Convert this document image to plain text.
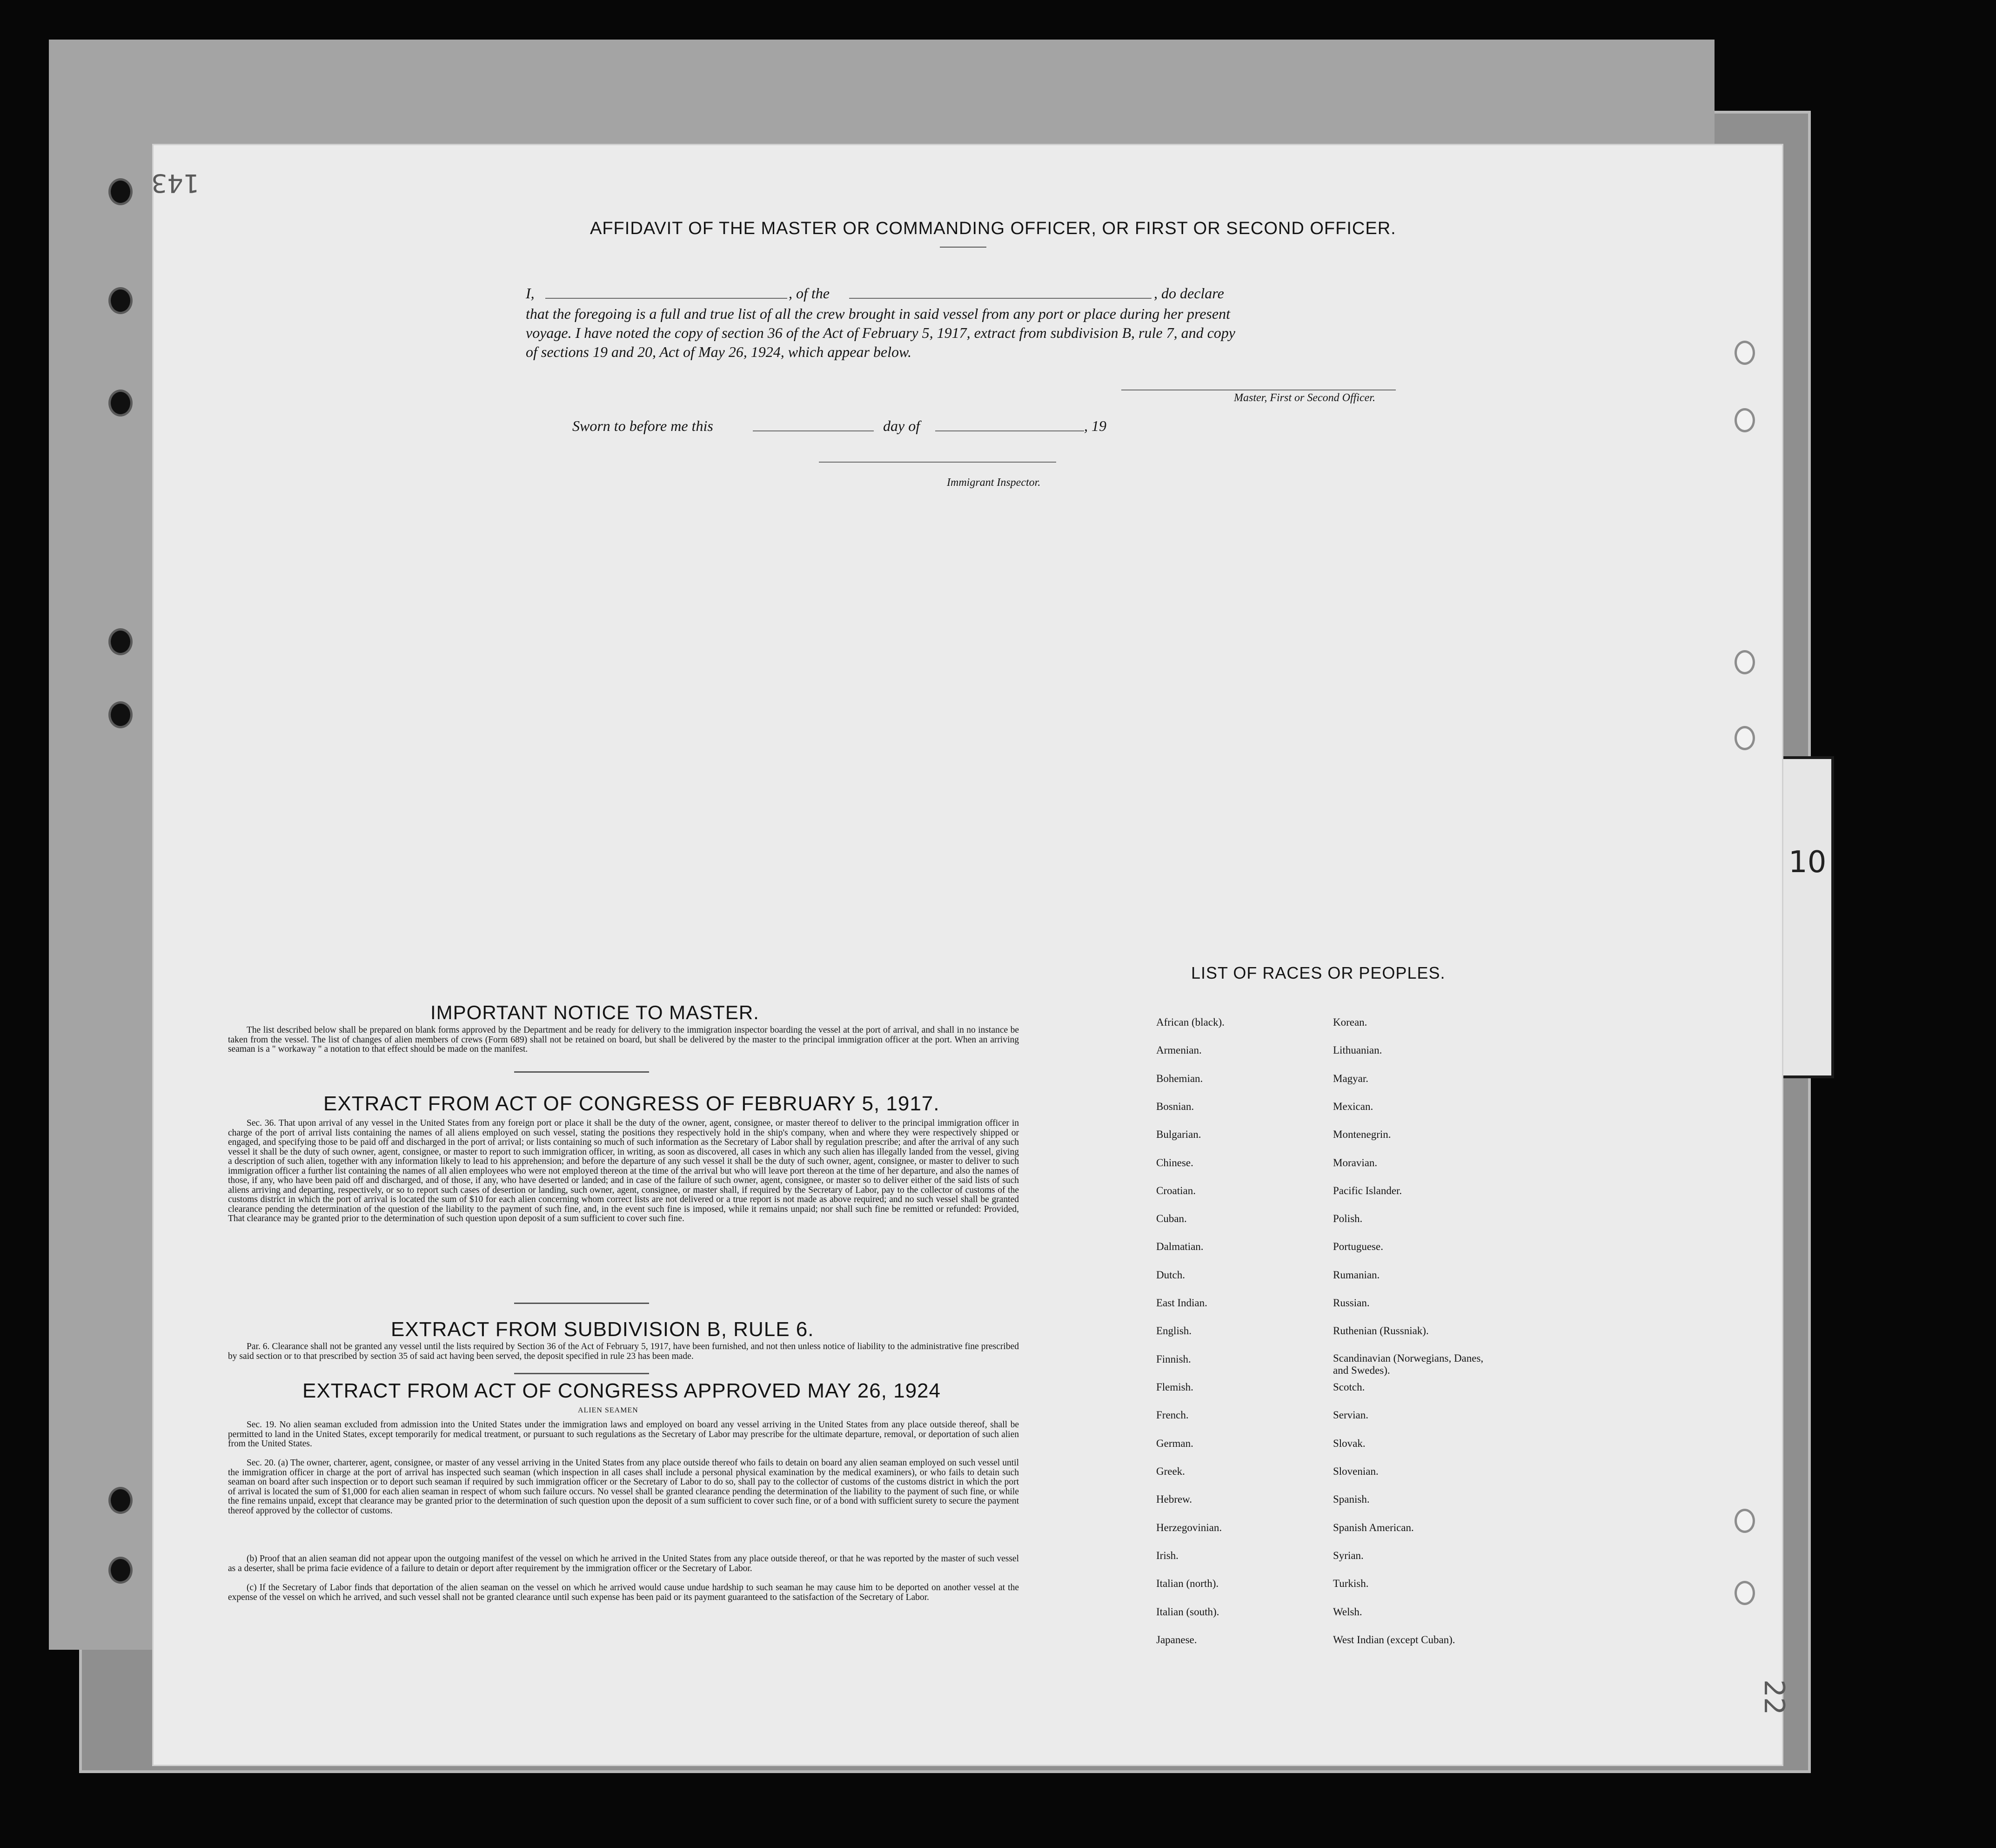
10
143
22
AFFIDAVIT OF THE MASTER OR COMMANDING OFFICER, OR FIRST OR SECOND OFFICER.
I,	, of the	, do declare
that the foregoing is a full and true list of all the crew brought in said vessel from any port or place during her present
voyage. I have noted the copy of section 36 of the Act of February 5, 1917, extract from subdivision B, rule 7, and copy
of sections 19 and 20, Act of May 26, 1924, which appear below.
Master, First or Second Officer.
Sworn to before me this	day of	, 19
Immigrant Inspector.
IMPORTANT NOTICE TO MASTER.

The list described below shall be prepared on blank forms approved by the Department and be ready for delivery to the immigration inspector boarding the vessel at the port of arrival, and shall in no instance be taken from the vessel. The list of changes of alien members of crews (Form 689) shall not be retained on board, but shall be delivered by the master to the principal immigration officer at the port. When an arriving seaman is a " workaway " a notation to that effect should be made on the manifest.

EXTRACT FROM ACT OF CONGRESS OF FEBRUARY 5, 1917.

Sec. 36. That upon arrival of any vessel in the United States from any foreign port or place it shall be the duty of the owner, agent, consignee, or master thereof to deliver to the principal immigration officer in charge of the port of arrival lists containing the names of all aliens employed on such vessel, stating the positions they respectively hold in the ship's company, when and where they were respectively shipped or engaged, and specifying those to be paid off and discharged in the port of arrival; or lists containing so much of such information as the Secretary of Labor shall by regulation prescribe; and after the arrival of any such vessel it shall be the duty of such owner, agent, consignee, or master to report to such immigration officer, in writing, as soon as discovered, all cases in which any such alien has illegally landed from the vessel, giving a description of such alien, together with any information likely to lead to his apprehension; and before the departure of any such vessel it shall be the duty of such owner, agent, consignee, or master to deliver to such immigration officer a further list containing the names of all alien employees who were not employed thereon at the time of the arrival but who will leave port thereon at the time of her departure, and also the names of those, if any, who have been paid off and discharged, and of those, if any, who have deserted or landed; and in case of the failure of such owner, agent, consignee, or master so to deliver either of the said lists of such aliens arriving and departing, respectively, or so to report such cases of desertion or landing, such owner, agent, consignee, or master shall, if required by the Secretary of Labor, pay to the collector of customs of the customs district in which the port of arrival is located the sum of $10 for each alien concerning whom correct lists are not delivered or a true report is not made as above required; and no such vessel shall be granted clearance pending the determination of the question of the liability to the payment of such fine, and, in the event such fine is imposed, while it remains unpaid; nor shall such fine be remitted or refunded: Provided, That clearance may be granted prior to the determination of such question upon deposit of a sum sufficient to cover such fine.

EXTRACT FROM SUBDIVISION B, RULE 6.

Par. 6. Clearance shall not be granted any vessel until the lists required by Section 36 of the Act of February 5, 1917, have been furnished, and not then unless notice of liability to the administrative fine prescribed by said section or to that prescribed by section 35 of said act having been served, the deposit specified in rule 23 has been made.

EXTRACT FROM ACT OF CONGRESS APPROVED MAY 26, 1924
ALIEN SEAMEN

Sec. 19. No alien seaman excluded from admission into the United States under the immigration laws and employed on board any vessel arriving in the United States from any place outside thereof, shall be permitted to land in the United States, except temporarily for medical treatment, or pursuant to such regulations as the Secretary of Labor may prescribe for the ultimate departure, removal, or deportation of such alien from the United States.

Sec. 20. (a) The owner, charterer, agent, consignee, or master of any vessel arriving in the United States from any place outside thereof who fails to detain on board any alien seaman employed on such vessel until the immigration officer in charge at the port of arrival has inspected such seaman (which inspection in all cases shall include a personal physical examination by the medical examiners), or who fails to detain such seaman on board after such inspection or to deport such seaman if required by such immigration officer or the Secretary of Labor to do so, shall pay to the collector of customs of the customs district in which the port of arrival is located the sum of $1,000 for each alien seaman in respect of whom such failure occurs. No vessel shall be granted clearance pending the determination of the liability to the payment of such fine, or while the fine remains unpaid, except that clearance may be granted prior to the determination of such question upon the deposit of a sum sufficient to cover such fine, or of a bond with sufficient surety to secure the payment thereof approved by the collector of customs.

(b) Proof that an alien seaman did not appear upon the outgoing manifest of the vessel on which he arrived in the United States from any place outside thereof, or that he was reported by the master of such vessel as a deserter, shall be prima facie evidence of a failure to detain or deport after requirement by the immigration officer or the Secretary of Labor.

(c) If the Secretary of Labor finds that deportation of the alien seaman on the vessel on which he arrived would cause undue hardship to such seaman he may cause him to be deported on another vessel at the expense of the vessel on which he arrived, and such vessel shall not be granted clearance until such expense has been paid or its payment guaranteed to the satisfaction of the Secretary of Labor.

LIST OF RACES OR PEOPLES.
African (black).
Armenian.
Bohemian.
Bosnian.
Bulgarian.
Chinese.
Croatian.
Cuban.
Dalmatian.
Dutch.
East Indian.
English.
Finnish.
Flemish.
French.
German.
Greek.
Hebrew.
Herzegovinian.
Irish.
Italian (north).
Italian (south).
Japanese.
Korean.
Lithuanian.
Magyar.
Mexican.
Montenegrin.
Moravian.
Pacific Islander.
Polish.
Portuguese.
Rumanian.
Russian.
Ruthenian (Russniak).
Scandinavian (Norwegians, Danes, and Swedes).
Scotch.
Servian.
Slovak.
Slovenian.
Spanish.
Spanish American.
Syrian.
Turkish.
Welsh.
West Indian (except Cuban).
